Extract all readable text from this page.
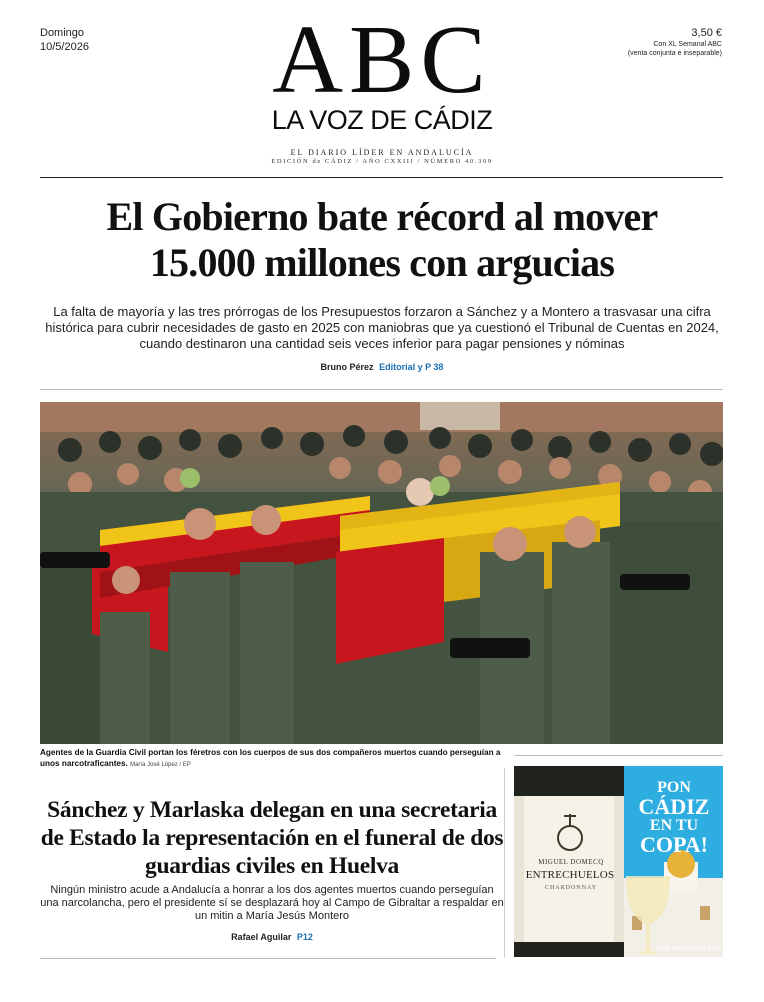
Domingo
10/5/2026	ABC
LA VOZ DE CÁDIZ
3,50 €
Con XL Semanal ABC
(venta conjunta e inseparable)
EL DIARIO LÍDER EN ANDALUCÍA
EDICIÓN de CÁDIZ / AÑO CXXIII / NÚMERO 40.309
El Gobierno bate récord al mover
15.000 millones con argucias

La falta de mayoría y las tres prórrogas de los Presupuestos forzaron a Sánchez y a Montero a trasvasar una cifra histórica para cubrir necesidades de gasto en 2025 con maniobras que ya cuestionó el Tribunal de Cuentas en 2024, cuando destinaron una cantidad seis veces inferior para pagar pensiones y nóminas

Bruno Pérez Editorial y P 38
Agentes de la Guardia Civil portan los féretros con los cuerpos de sus dos compañeros muertos cuando perseguían a unos narcotraficantes. María José López / EP
Sánchez y Marlaska delegan en una secretaria de Estado la representación en el funeral de dos guardias civiles en Huelva

Ningún ministro acude a Andalucía a honrar a los dos agentes muertos cuando perseguían una narcolancha, pero el presidente sí se desplazará hoy al Campo de Gibraltar a respaldar en un mitin a María Jesús Montero

Rafael Aguilar P12
MIGUEL DOMECQ
ENTRECHUELOS
CHARDONNAY
PON
CÁDIZ
EN TU
COPA!
migueldomecq.com
